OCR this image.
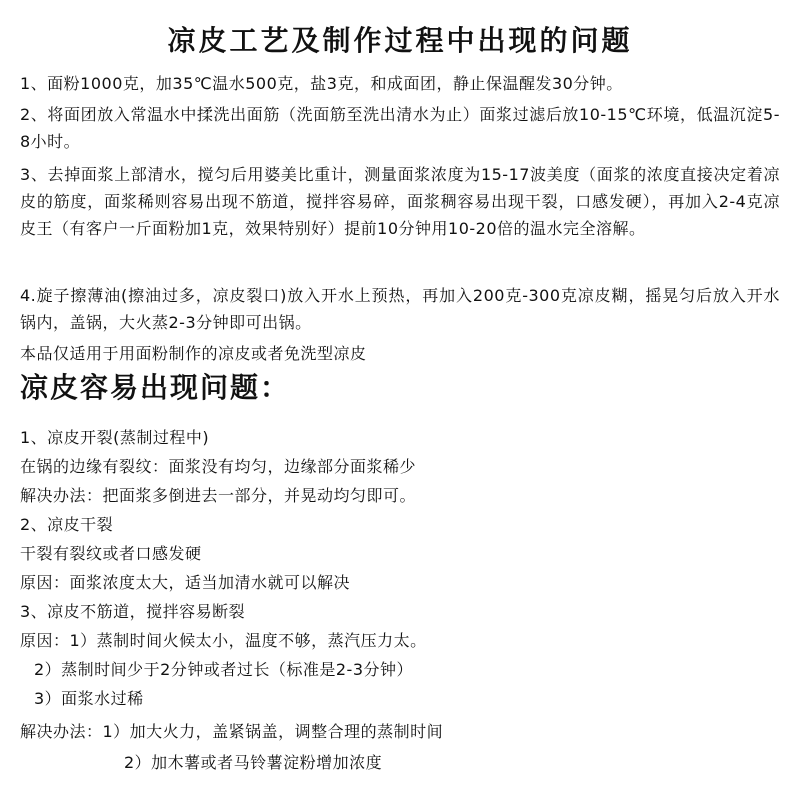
凉皮工艺及制作过程中出现的问题

1、面粉1000克，加35℃温水500克，盐3克，和成面团，静止保温醒发30分钟。

2、将面团放入常温水中揉洗出面筋（洗面筋至洗出清水为止）面浆过滤后放10-15℃环境，低温沉淀5-8小时。

3、去掉面浆上部清水，搅匀后用婆美比重计，测量面浆浓度为15-17波美度（面浆的浓度直接决定着凉皮的筋度，面浆稀则容易出现不筋道，搅拌容易碎，面浆稠容易出现干裂，口感发硬），再加入2-4克凉皮王（有客户一斤面粉加1克，效果特别好）提前10分钟用10-20倍的温水完全溶解。

4.旋子擦薄油(擦油过多，凉皮裂口)放入开水上预热，再加入200克-300克凉皮糊，摇晃匀后放入开水锅内，盖锅，大火蒸2-3分钟即可出锅。

本品仅适用于用面粉制作的凉皮或者免洗型凉皮

凉皮容易出现问题：

1、凉皮开裂(蒸制过程中)

在锅的边缘有裂纹：面浆没有均匀，边缘部分面浆稀少

解决办法：把面浆多倒进去一部分，并晃动均匀即可。

2、凉皮干裂

干裂有裂纹或者口感发硬

原因：面浆浓度太大，适当加清水就可以解决

3、凉皮不筋道，搅拌容易断裂

原因：1）蒸制时间火候太小，温度不够，蒸汽压力太。

2）蒸制时间少于2分钟或者过长（标准是2-3分钟）

3）面浆水过稀

解决办法：1）加大火力，盖紧锅盖，调整合理的蒸制时间

2）加木薯或者马铃薯淀粉增加浓度
